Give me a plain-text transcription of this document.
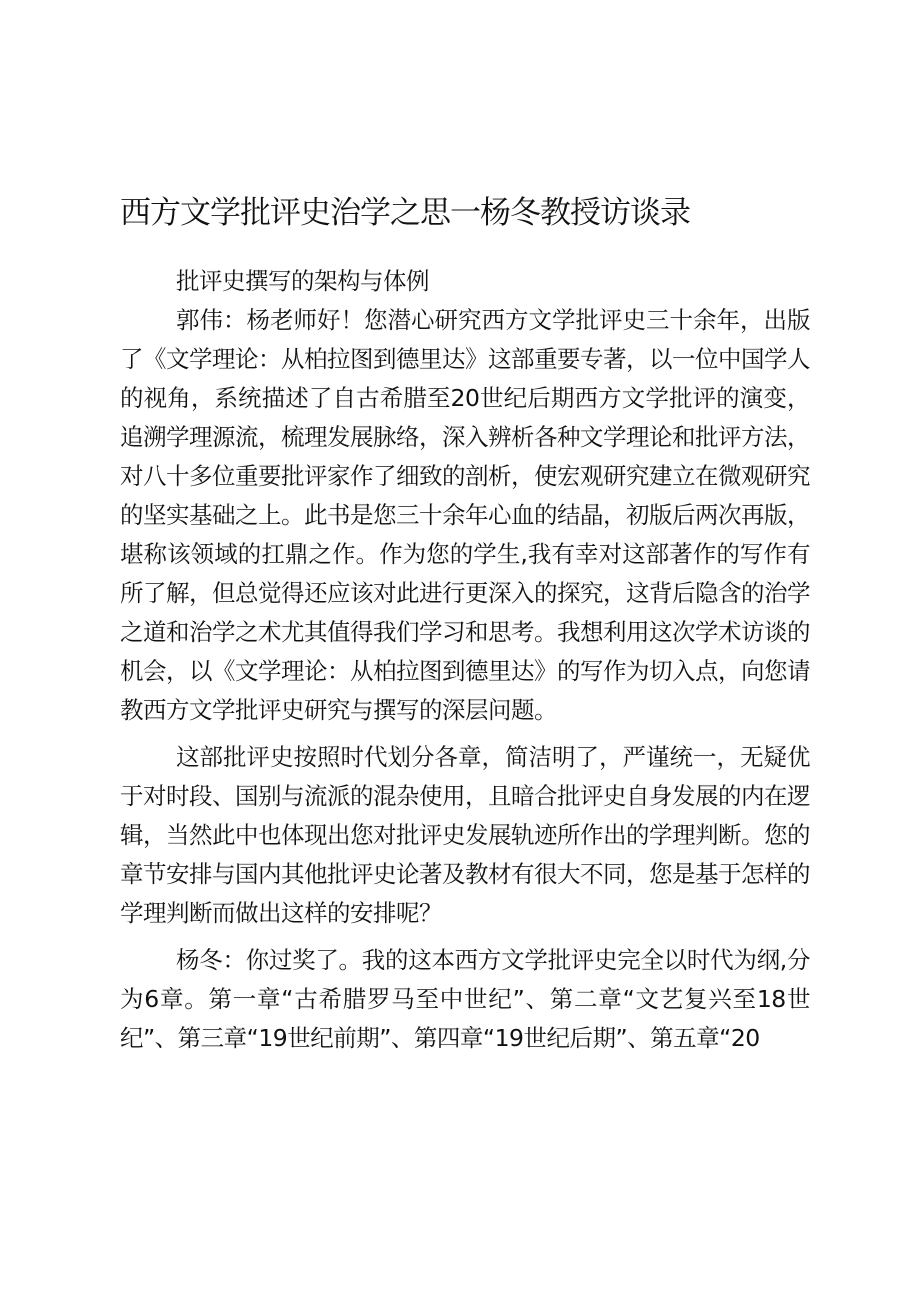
西方文学批评史治学之思一杨冬教授访谈录

批评史撰写的架构与体例

郭伟：杨老师好！您潜心研究西方文学批评史三十余年，出版了《文学理论：从柏拉图到德里达》这部重要专著，以一位中国学人的视角，系统描述了自古希腊至20世纪后期西方文学批评的演变，追溯学理源流，梳理发展脉络，深入辨析各种文学理论和批评方法，对八十多位重要批评家作了细致的剖析，使宏观研究建立在微观研究的坚实基础之上。此书是您三十余年心血的结晶，初版后两次再版，堪称该领域的扛鼎之作。作为您的学生,我有幸对这部著作的写作有所了解，但总觉得还应该对此进行更深入的探究，这背后隐含的治学之道和治学之术尤其值得我们学习和思考。我想利用这次学术访谈的机会，以《文学理论：从柏拉图到德里达》的写作为切入点，向您请教西方文学批评史研究与撰写的深层问题。

这部批评史按照时代划分各章，简洁明了，严谨统一，无疑优于对时段、国别与流派的混杂使用，且暗合批评史自身发展的内在逻辑，当然此中也体现出您对批评史发展轨迹所作出的学理判断。您的章节安排与国内其他批评史论著及教材有很大不同，您是基于怎样的学理判断而做出这样的安排呢？

杨冬：你过奖了。我的这本西方文学批评史完全以时代为纲,分为6章。第一章“古希腊罗马至中世纪”、第二章“文艺复兴至18世纪”、第三章“19世纪前期”、第四章“19世纪后期”、第五章“20
